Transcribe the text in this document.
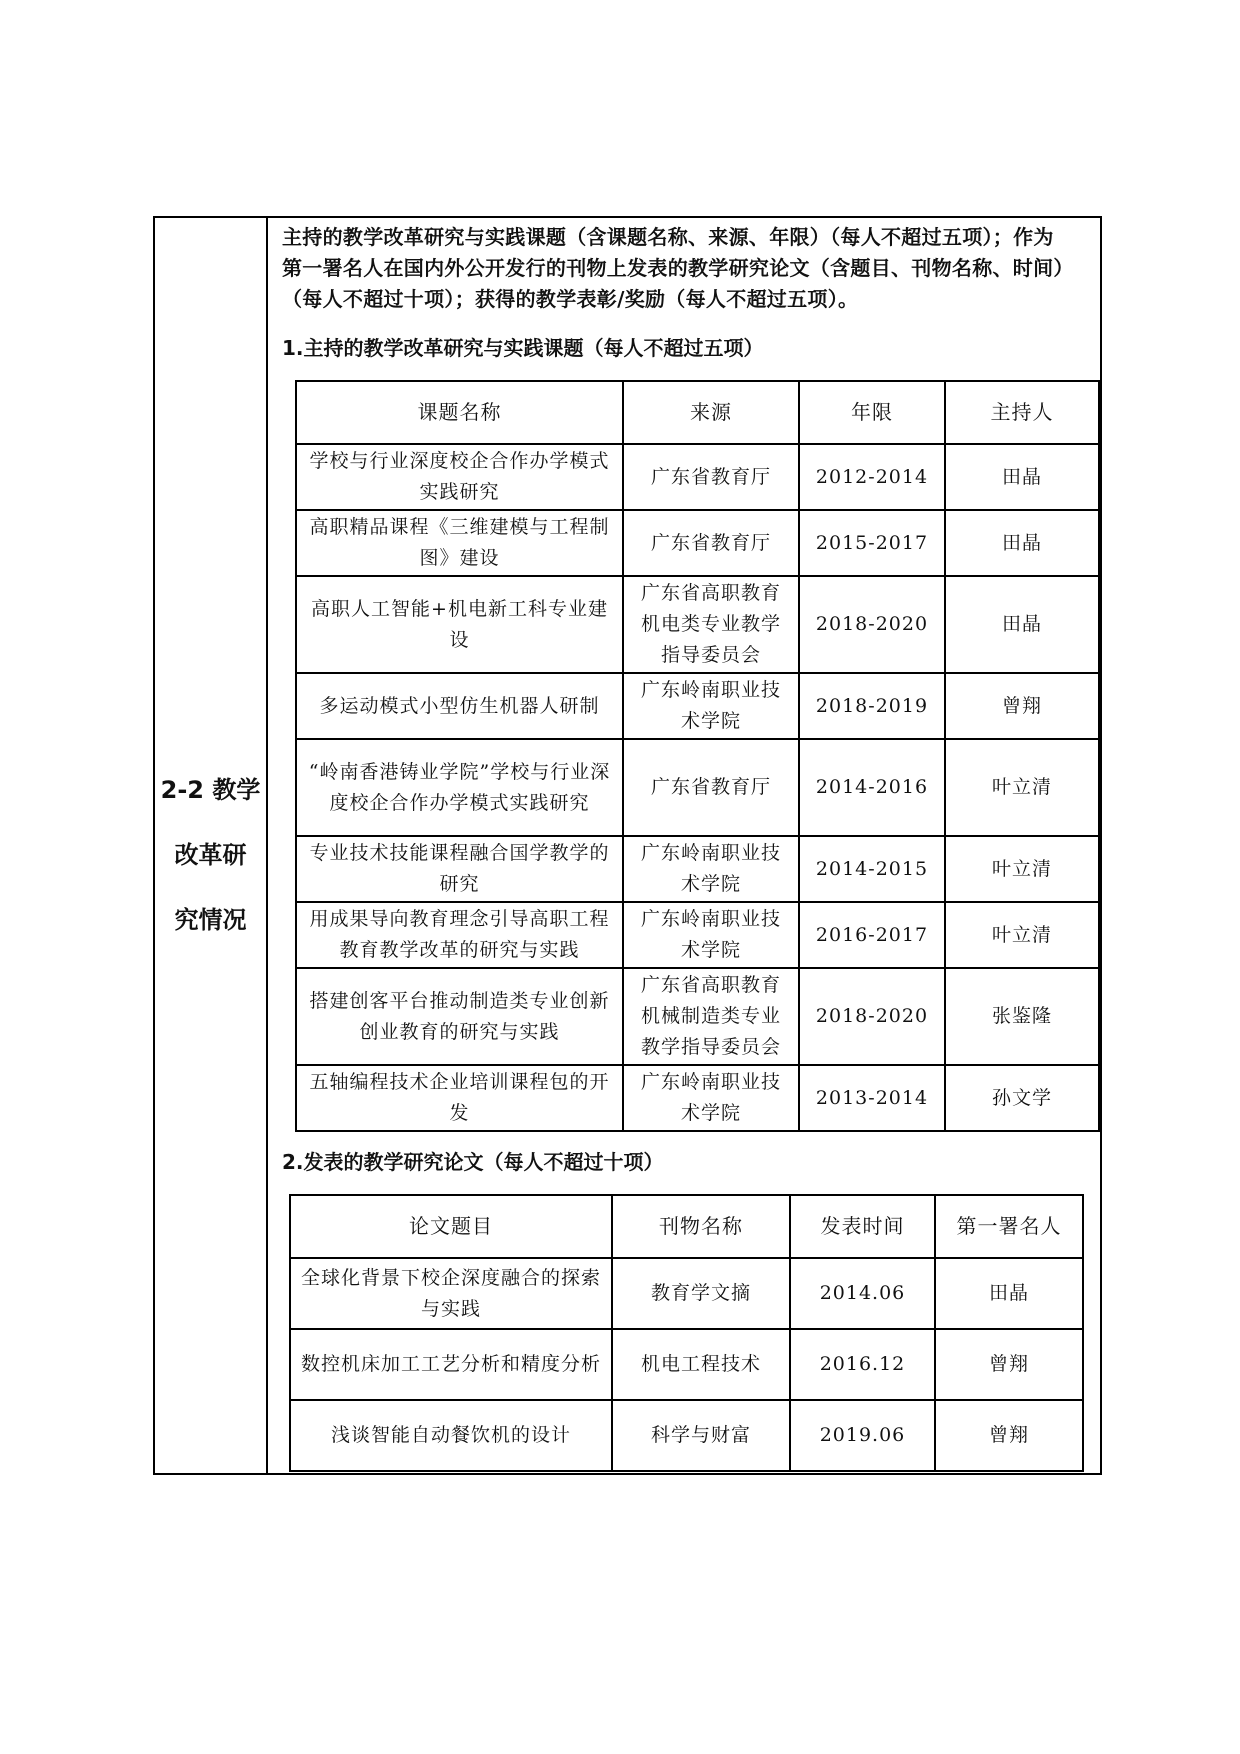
2-2 教学
改革研
究情况
主持的教学改革研究与实践课题（含课题名称、来源、年限）（每人不超过五项）；作为
第一署名人在国内外公开发行的刊物上发表的教学研究论文（含题目、刊物名称、时间）
（每人不超过十项）；获得的教学表彰/奖励（每人不超过五项）。
1.主持的教学改革研究与实践课题（每人不超过五项）
课题名称	来源	年限	主持人
学校与行业深度校企合作办学模式实践研究	广东省教育厅	2012-2014	田晶
高职精品课程《三维建模与工程制图》建设	广东省教育厅	2015-2017	田晶
高职人工智能+机电新工科专业建设	广东省高职教育机电类专业教学指导委员会	2018-2020	田晶
多运动模式小型仿生机器人研制	广东岭南职业技术学院	2018-2019	曾翔
“岭南香港铸业学院”学校与行业深度校企合作办学模式实践研究	广东省教育厅	2014-2016	叶立清
专业技术技能课程融合国学教学的研究	广东岭南职业技术学院	2014-2015	叶立清
用成果导向教育理念引导高职工程教育教学改革的研究与实践	广东岭南职业技术学院	2016-2017	叶立清
搭建创客平台推动制造类专业创新创业教育的研究与实践	广东省高职教育机械制造类专业教学指导委员会	2018-2020	张鉴隆
五轴编程技术企业培训课程包的开发	广东岭南职业技术学院	2013-2014	孙文学
2.发表的教学研究论文（每人不超过十项）
论文题目	刊物名称	发表时间	第一署名人
全球化背景下校企深度融合的探索与实践	教育学文摘	2014.06	田晶
数控机床加工工艺分析和精度分析	机电工程技术	2016.12	曾翔
浅谈智能自动餐饮机的设计	科学与财富	2019.06	曾翔
